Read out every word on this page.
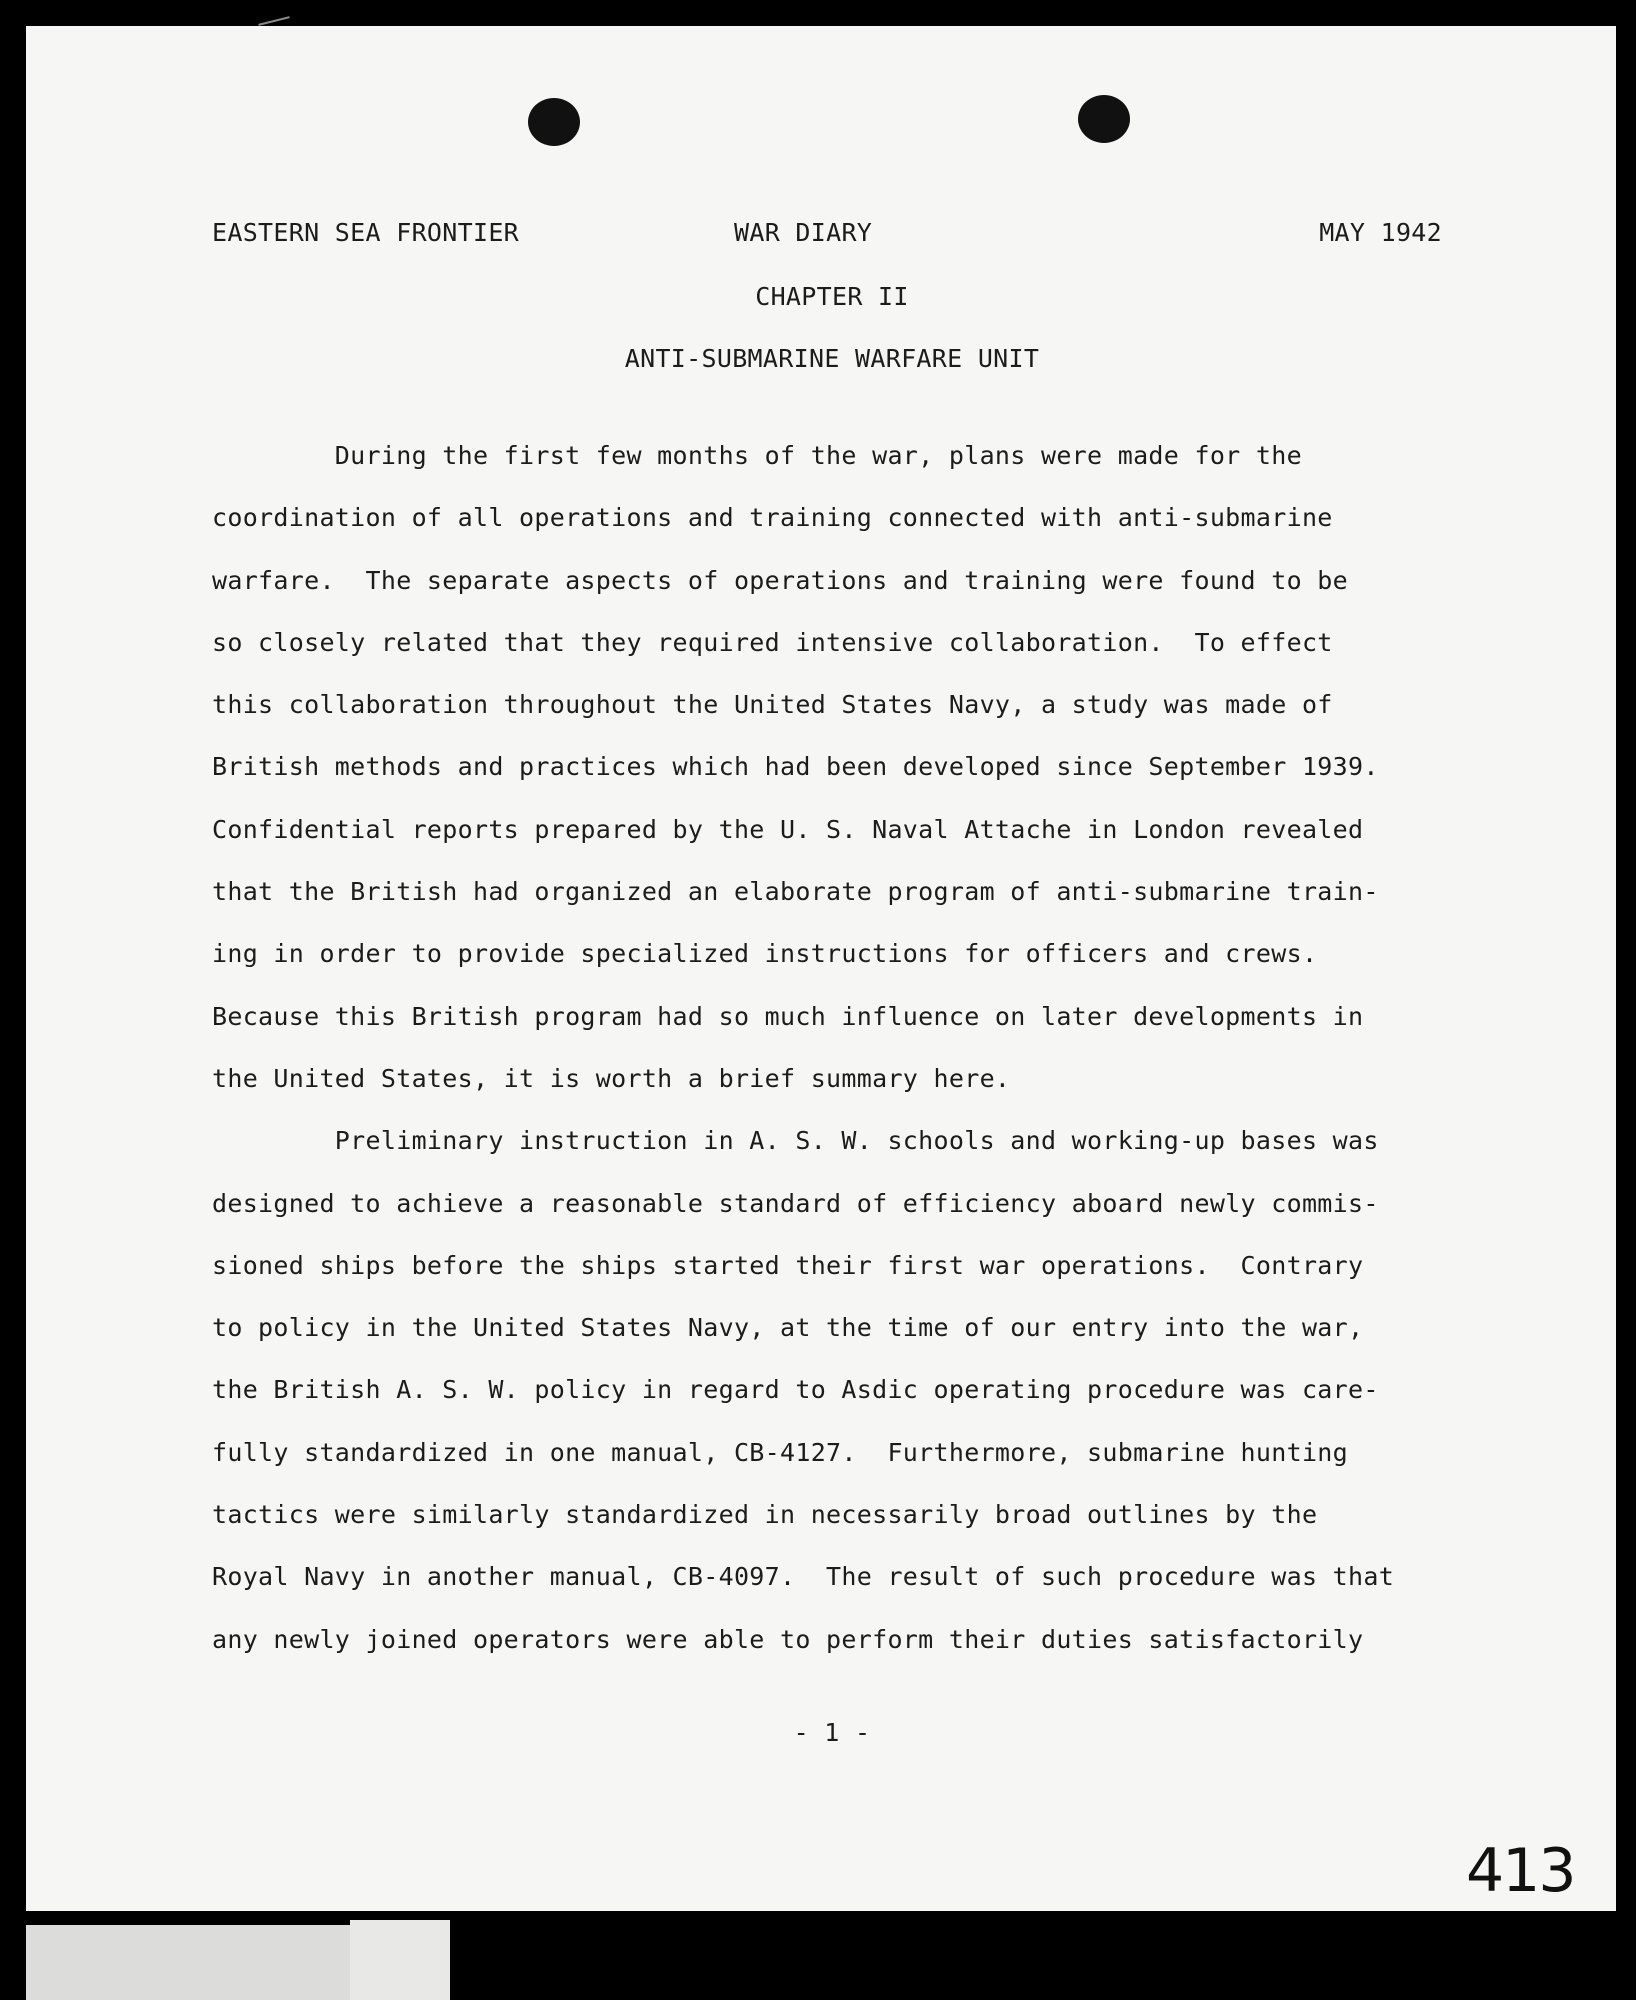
EASTERN SEA FRONTIER	WAR DIARY	MAY 1942
CHAPTER II
ANTI-SUBMARINE WARFARE UNIT
During the first few months of the war, plans were made for the
coordination of all operations and training connected with anti-submarine
warfare.  The separate aspects of operations and training were found to be
so closely related that they required intensive collaboration.  To effect
this collaboration throughout the United States Navy, a study was made of
British methods and practices which had been developed since September 1939.
Confidential reports prepared by the U. S. Naval Attache in London revealed
that the British had organized an elaborate program of anti-submarine train-
ing in order to provide specialized instructions for officers and crews.
Because this British program had so much influence on later developments in
the United States, it is worth a brief summary here.
Preliminary instruction in A. S. W. schools and working-up bases was
designed to achieve a reasonable standard of efficiency aboard newly commis-
sioned ships before the ships started their first war operations.  Contrary
to policy in the United States Navy, at the time of our entry into the war,
the British A. S. W. policy in regard to Asdic operating procedure was care-
fully standardized in one manual, CB-4127.  Furthermore, submarine hunting
tactics were similarly standardized in necessarily broad outlines by the
Royal Navy in another manual, CB-4097.  The result of such procedure was that
any newly joined operators were able to perform their duties satisfactorily
- 1 -
413
